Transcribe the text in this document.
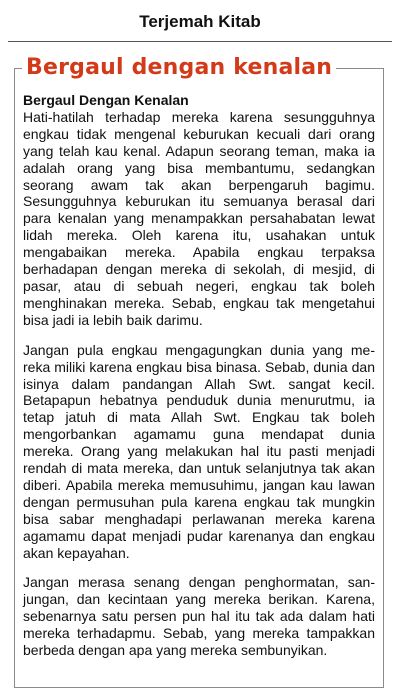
Terjemah Kitab
Bergaul dengan kenalan

Bergaul Dengan Kenalan

Hati-hatilah terhadap mereka karena sesungguhnya engkau tidak mengenal keburukan kecuali dari orang yang telah kau kenal. Adapun seorang teman, maka ia adalah orang yang bisa membantumu, sedangkan seorang awam tak akan berpengaruh bagimu. Sesungguhnya keburukan itu semuanya berasal dari para kenalan yang menampakkan persahabatan lewat lidah mereka. Oleh karena itu, usahakan untuk mengabaikan mereka. Apabila engkau terpaksa berhadapan dengan mereka di sekolah, di mesjid, di pasar, atau di sebuah negeri, engkau tak boleh menghinakan mereka. Sebab, engkau tak mengetahui bisa jadi ia lebih baik darimu.

Jangan pula engkau mengagungkan dunia yang me-reka miliki karena engkau bisa binasa. Sebab, dunia dan isinya dalam pandangan Allah Swt. sangat kecil. Betapapun hebatnya penduduk dunia menurutmu, ia tetap jatuh di mata Allah Swt. Engkau tak boleh mengorbankan agamamu guna mendapat dunia mereka. Orang yang melakukan hal itu pasti menjadi rendah di mata mereka, dan untuk selanjutnya tak akan diberi. Apabila mereka memusuhimu, jangan kau lawan dengan permusuhan pula karena engkau tak mungkin bisa sabar menghadapi perlawanan mereka karena agamamu dapat menjadi pudar karenanya dan engkau akan kepayahan.

Jangan merasa senang dengan penghormatan, san-jungan, dan kecintaan yang mereka berikan. Karena, sebenarnya satu persen pun hal itu tak ada dalam hati mereka terhadapmu. Sebab, yang mereka tampakkan berbeda dengan apa yang mereka sembunyikan.
